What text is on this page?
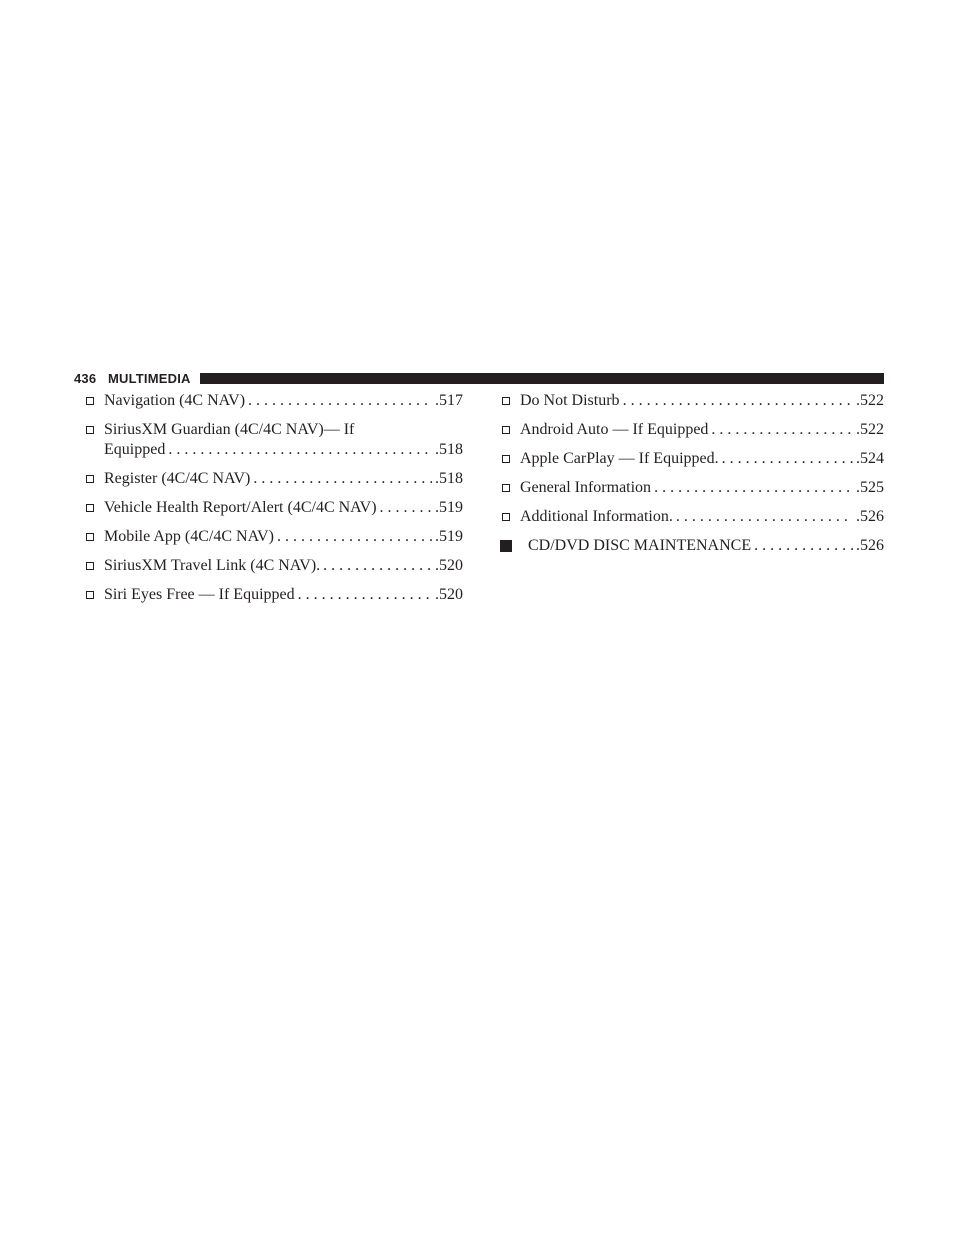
436 MULTIMEDIA
Navigation (4C NAV) . . .	.517
SiriusXM Guardian (4C/4C NAV)— If
Equipped . . .	.518
Register (4C/4C NAV) . . .	.518
Vehicle Health Report/Alert (4C/4C NAV) . . .	.519
Mobile App (4C/4C NAV) . . .	.519
SiriusXM Travel Link (4C NAV). . . .	.520
Siri Eyes Free — If Equipped . . .	.520
Do Not Disturb . . .	.522
Android Auto — If Equipped . . .	.522
Apple CarPlay — If Equipped. . . .	.524
General Information . . .	.525
Additional Information. . . .	.526
CD/DVD DISC MAINTENANCE . . .	.526
